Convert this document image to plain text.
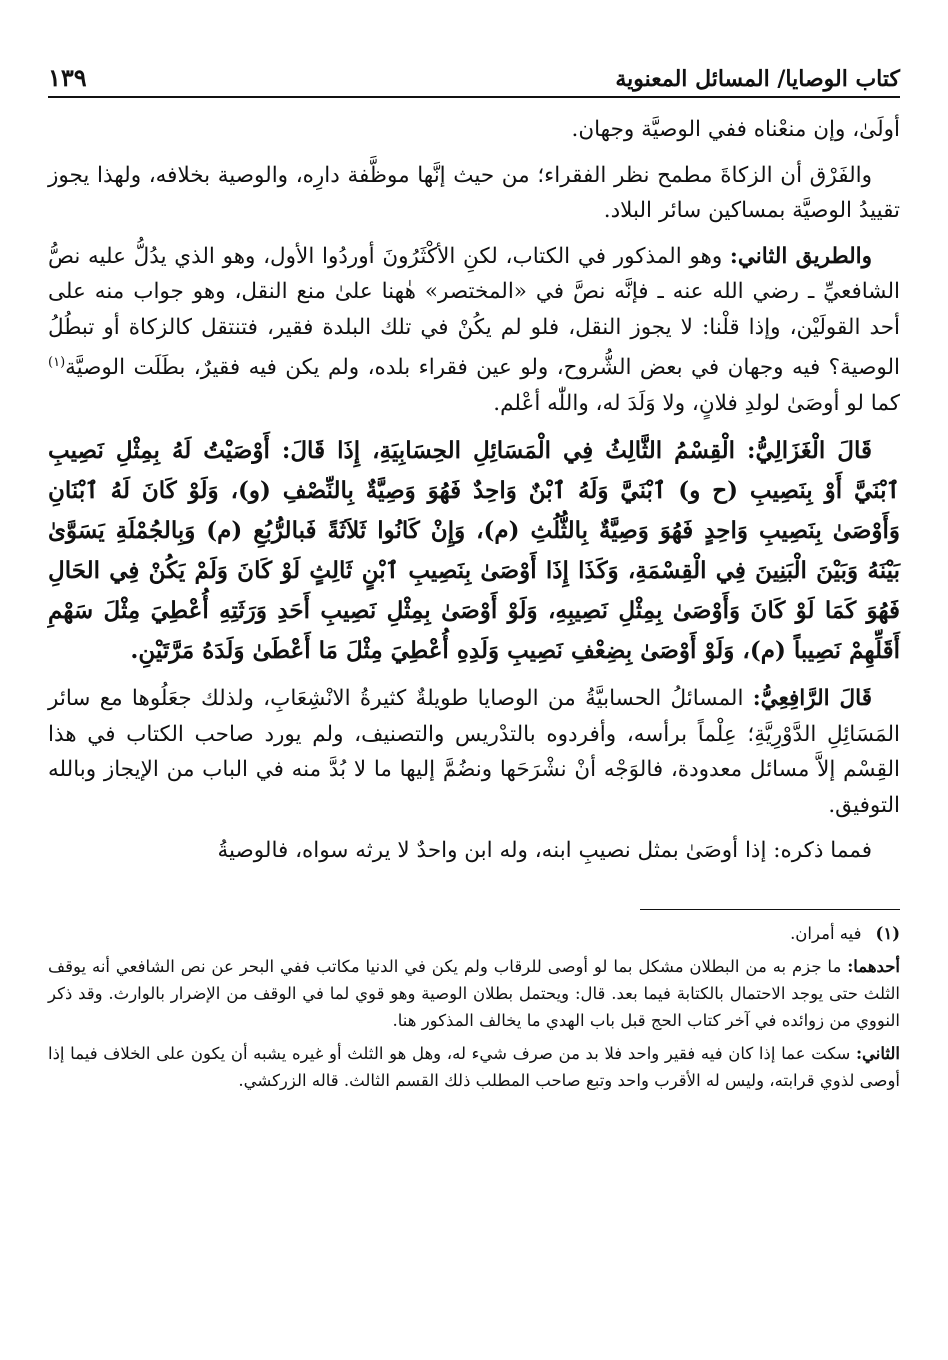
كتاب الوصايا/ المسائل المعنوية
١٣٩

أولَىٰ، وإن منعْناه ففي الوصيَّة وجهان.

والفَرْق أن الزكاةَ مطمح نظر الفقراء؛ من حيث إنَّها موظَّفة دارِه، والوصية بخلافه، ولهذا يجوز تقييدُ الوصيَّة بمساكين سائر البلاد.

والطريق الثاني: وهو المذكور في الكتاب، لكنِ الأكْثَرُونَ أوردُوا الأول، وهو الذي يدُلُّ عليه نصُّ الشافعيِّ ـ رضي الله عنه ـ فإنَّه نصَّ في «المختصر» هٰهنا علىٰ منع النقل، وهو جواب منه على أحد القولَيْن، وإذا قلْنا: لا يجوز النقل، فلو لم يكُنْ في تلك البلدة فقير، فتنتقل كالزكاة أو تبطُلُ الوصية؟ فيه وجهان في بعض الشُّروح، ولو عين فقراء بلده، ولم يكن فيه فقيرٌ، بطَلَت الوصيَّة$^{(١)}$ كما لو أوصَىٰ لولدِ فلانٍ، ولا وَلَدَ له، واللّٰه أعْلم.

قَالَ الْغَزَالِيُّ: الْقِسْمُ الثَّالِثُ فِي الْمَسَائِلِ الحِسَابِيَةِ، إِذَا قَالَ: أَوْصَيْتُ لَهُ بِمِثْلِ نَصِيبِ ٱبْنَيَّ أَوْ بِنَصِيبِ (ح و) ٱبْنَيَّ وَلَهُ ٱبْنٌ وَاحِدٌ فَهُوَ وَصِيَّةٌ بِالنِّصْفِ (و)، وَلَوْ كَانَ لَهُ ٱبْنَانِ وَأَوْصَىٰ بِنَصِيبِ وَاحِدٍ فَهُوَ وَصِيَّةٌ بِالثُّلُثِ (م)، وَإِنْ كَانُوا ثَلاَثَةً فَبالرُّبُعِ (م) وَبِالجُمْلَةِ يَسَوَّىٰ بَيْنَهُ وَبَيْنَ الْبَنِينَ فِي الْقِسْمَةِ، وَكَذَا إِذَا أَوْصَىٰ بِنَصِيبِ ٱبْنٍ ثَالِثٍ لَوْ كَانَ وَلَمْ يَكُنْ فِي الحَالِ فَهُوَ كَمَا لَوْ كَانَ وَأَوْصَىٰ بِمِثْلِ نَصِيبِهِ، وَلَوْ أَوْصَىٰ بِمِثْلِ نَصِيبِ أَحَدِ وَرَثَتِهِ أُعْطِيَ مِثْلَ سَهْمِ أَقَلِّهِمْ نَصِيباً (م)، وَلَوْ أَوْصَىٰ بِضِعْفِ نَصِيبِ وَلَدِهِ أُعْطِيَ مِثْلَ مَا أَعْطَىٰ وَلَدَهُ مَرَّتَيْنِ.

قَالَ الرَّافِعِيُّ: المسائلُ الحسابيَّةُ من الوصايا طويلةٌ كثيرةُ الانْشِعَابِ، ولذلك جعَلُوها مع سائر المَسَائِلِ الدَّوْرِيَّةِ؛ عِلْماً برأسه، وأفردوه بالتدْريس والتصنيف، ولم يورد صاحب الكتاب في هذا القِسْم إلاَّ مسائل معدودة، فالوَجْه أنْ نشْرَحَها ونضُمَّ إليها ما لا بُدَّ منه في الباب من الإيجاز وبالله التوفيق.

فمما ذكره: إذا أوصَىٰ بمثل نصيبِ ابنه، وله ابن واحدٌ لا يرثه سواه، فالوصيةُ

(١)فيه أمران.

أحدهما: ما جزم به من البطلان مشكل بما لو أوصى للرقاب ولم يكن في الدنيا مكاتب ففي البحر عن نص الشافعي أنه يوقف الثلث حتى يوجد الاحتمال بالكتابة فيما بعد. قال: ويحتمل بطلان الوصية وهو قوي لما في الوقف من الإضرار بالوارث. وقد ذكر النووي من زوائده في آخر كتاب الحج قبل باب الهدي ما يخالف المذكور هنا.

الثاني: سكت عما إذا كان فيه فقير واحد فلا بد من صرف شيء له، وهل هو الثلث أو غيره يشبه أن يكون على الخلاف فيما إذا أوصى لذوي قرابته، وليس له الأقرب واحد وتبع صاحب المطلب ذلك القسم الثالث. قاله الزركشي.
